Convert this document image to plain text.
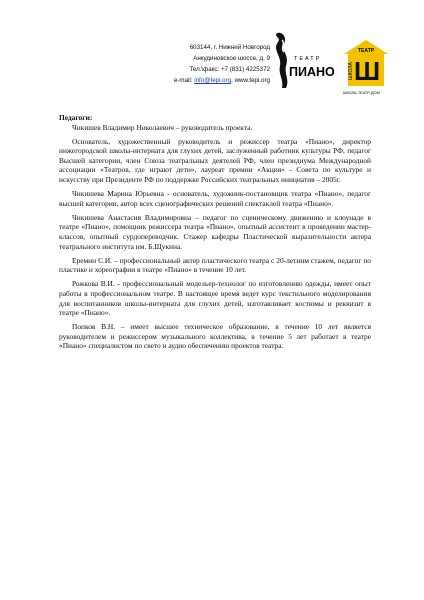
603144, г. Нижний Новгород
Анкудиновское шоссе, д. 9
Тел.\факс: +7 (831) 4225372
e-mail: info@tepi.org, www.tepi.org
ТЕАТР
ПИАНО
ТЕАТР
Ш
ШКОЛА
ШКОЛА-ТЕАТР-ДОМ
Педагоги:

Чикишев Владимир Николаевич – руководитель проекта.

Основатель, художественный руководитель и режиссер театра «Пиано», директор нижегородской школы-интерната для глухих детей, заслуженный работник культуры РФ, педагог Высшей категории, член Союза театральных деятелей РФ, член президиума Международной ассоциации «Театров, где играют дети», лауреат премии «Акция» - Совета по культуре и искусству при Президенте РФ по поддержке Российских театральных инициатив – 2005г.

Чикишева Марина Юрьевна - основатель, художник-постановщик театра «Пиано», педагог высшей категории, автор всех сценографических решений спектаклей театра «Пиано».

Чикишева Анастасия Владимировна – педагог по сценическому движению и клоунаде в театре «Пиано», помощник режиссера театра «Пиано», опытный ассистент в проведении мастер-классов, опытный сурдопереводчик. Стажер кафедры Пластической выразительности актера театрального института им. Б.Щукина.

Еремин С.И. – профессиональный актер пластического театра с 20-летним стажем, педагог по пластике и хореографии в театре «Пиано» в течение 10 лет.

Рожкова В.И. - профессиональный модельер-технолог по изготовлению одежды, имеет опыт работы в профессиональном театре. В настоящее время ведет курс текстильного моделирования для воспитанников школы-интерната для глухих детей, изготавливает костюмы и реквизит в театре «Пиано».

Попков В.Н. – имеет высшее техническое образование, в течение 10 лет является руководителем и режиссером музыкального коллектива, в течение 5 лет работает в театре «Пиано» специалистом по свето и аудио обеспечению проектов театра.
